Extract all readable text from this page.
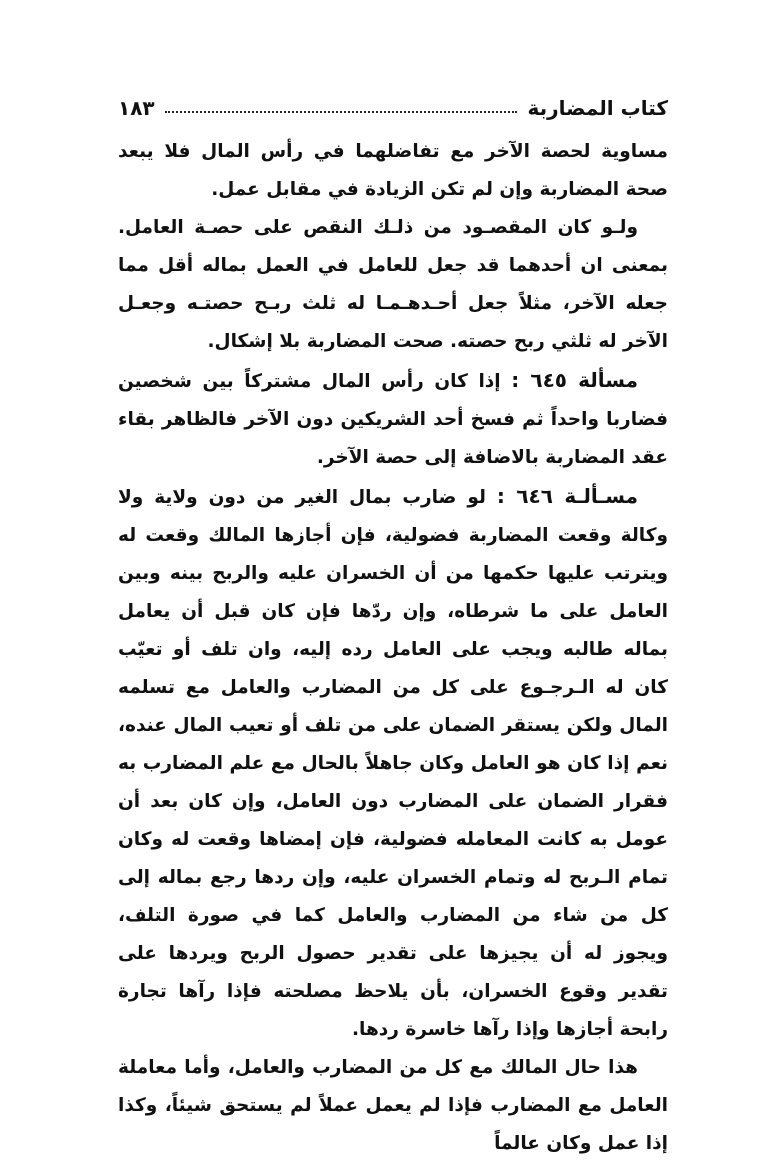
كتاب المضاربة
١٨٣

مساوية لحصة الآخر مع تفاضلهما في رأس المال فلا يبعد صحة المضاربة وإن لم تكن الزيادة في مقابل عمل.

ولـو كان المقصـود من ذلـك النقص على حصـة العامل. بمعنى ان أحدهما قد جعل للعامل في العمل بماله أقل مما جعله الآخر، مثلاً جعل أحـدهـمـا له ثلث ربـح حصتـه وجعـل الآخر له ثلثي ربح حصته. صحت المضاربة بلا إشكال.

مسألة ٦٤٥ : إذا كان رأس المال مشتركاً بين شخصين فضاربا واحداً ثم فسخ أحد الشريكين دون الآخر فالظاهر بقاء عقد المضاربة بالاضافة إلى حصة الآخر.

مسـألـة ٦٤٦ : لو ضارب بمال الغير من دون ولاية ولا وكالة وقعت المضاربة فضولية، فإن أجازها المالك وقعت له ويترتب عليها حكمها من أن الخسران عليه والربح بينه وبين العامل على ما شرطاه، وإن ردّها فإن كان قبل أن يعامل بماله طالبه ويجب على العامل رده إليه، وان تلف أو تعيّب كان له الـرجـوع على كل من المضارب والعامل مع تسلمه المال ولكن يستقر الضمان على من تلف أو تعيب المال عنده، نعم إذا كان هو العامل وكان جاهلاً بالحال مع علم المضارب به فقرار الضمان على المضارب دون العامل، وإن كان بعد أن عومل به كانت المعامله فضولية، فإن إمضاها وقعت له وكان تمام الـربح له وتمام الخسران عليه، وإن ردها رجع بماله إلى كل من شاء من المضارب والعامل كما في صورة التلف، ويجوز له أن يجيزها على تقدير حصول الربح ويردها على تقدير وقوع الخسران، بأن يلاحظ مصلحته فإذا رآها تجارة رابحة أجازها وإذا رآها خاسرة ردها.

هذا حال المالك مع كل من المضارب والعامل، وأما معاملة العامل مع المضارب فإذا لم يعمل عملاً لم يستحق شيئاً، وكذا إذا عمل وكان عالماً
